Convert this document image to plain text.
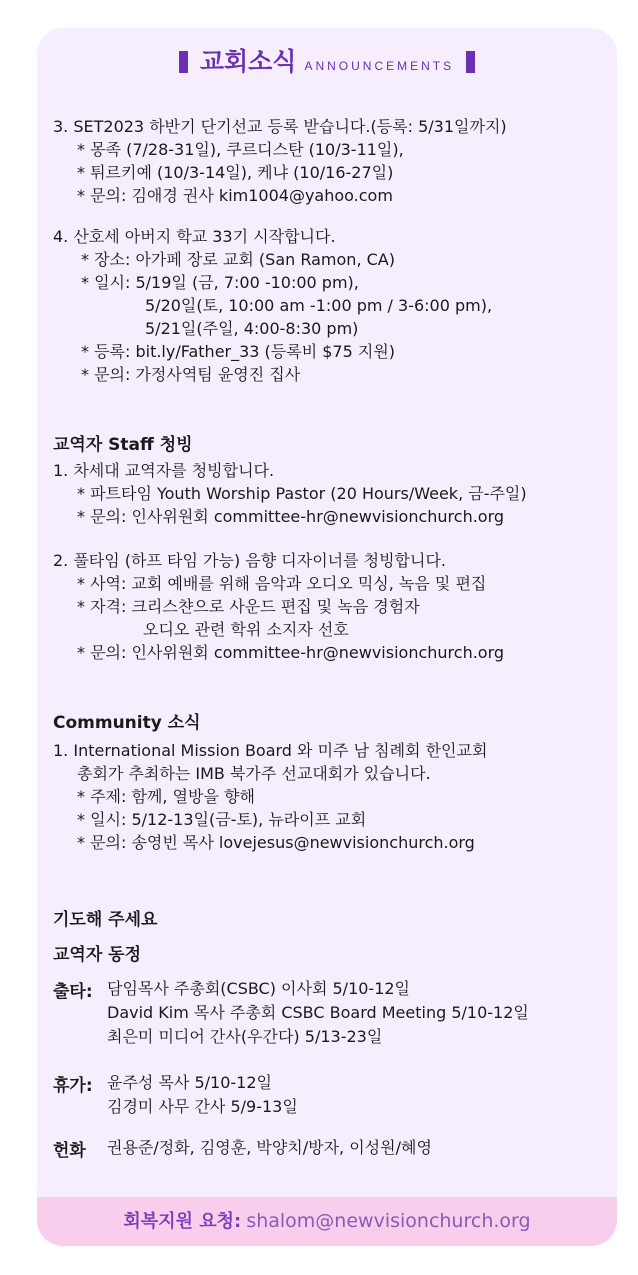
교회소식 ANNOUNCEMENTS
3. SET2023 하반기 단기선교 등록 받습니다.(등록: 5/31일까지)
* 몽족 (7/28-31일), 쿠르디스탄 (10/3-11일),
* 튀르키예 (10/3-14일), 케냐 (10/16-27일)
* 문의: 김애경 권사 kim1004@yahoo.com
4. 산호세 아버지 학교 33기 시작합니다.
* 장소: 아가페 장로 교회 (San Ramon, CA)
* 일시: 5/19일 (금, 7:00 -10:00 pm),
5/20일(토, 10:00 am -1:00 pm / 3-6:00 pm),
5/21일(주일, 4:00-8:30 pm)
* 등록: bit.ly/Father_33 (등록비 $75 지원)
* 문의: 가정사역팀 윤영진 집사
교역자 Staff 청빙
1. 차세대 교역자를 청빙합니다.
* 파트타임 Youth Worship Pastor (20 Hours/Week, 금-주일)
* 문의: 인사위원회 committee-hr@newvisionchurch.org
2. 풀타임 (하프 타임 가능) 음향 디자이너를 청빙합니다.
* 사역: 교회 예배를 위해 음악과 오디오 믹싱, 녹음 및 편집
* 자격: 크리스챤으로 사운드 편집 및 녹음 경험자
오디오 관련 학위 소지자 선호
* 문의: 인사위원회 committee-hr@newvisionchurch.org
Community 소식
1. International Mission Board 와 미주 남 침례회 한인교회
총회가 추최하는 IMB 북가주 선교대회가 있습니다.
* 주제: 함께, 열방을 향해
* 일시: 5/12-13일(금-토), 뉴라이프 교회
* 문의: 송영빈 목사 lovejesus@newvisionchurch.org
기도해 주세요
교역자 동정
출타: 담임목사 주총회(CSBC) 이사회 5/10-12일
David Kim 목사 주총회 CSBC Board Meeting 5/10-12일
최은미 미디어 간사(우간다) 5/13-23일
휴가: 윤주성 목사 5/10-12일
김경미 사무 간사 5/9-13일
헌화 권용준/정화, 김영훈, 박양치/방자, 이성원/혜영
회복지원 요청: shalom@newvisionchurch.org
